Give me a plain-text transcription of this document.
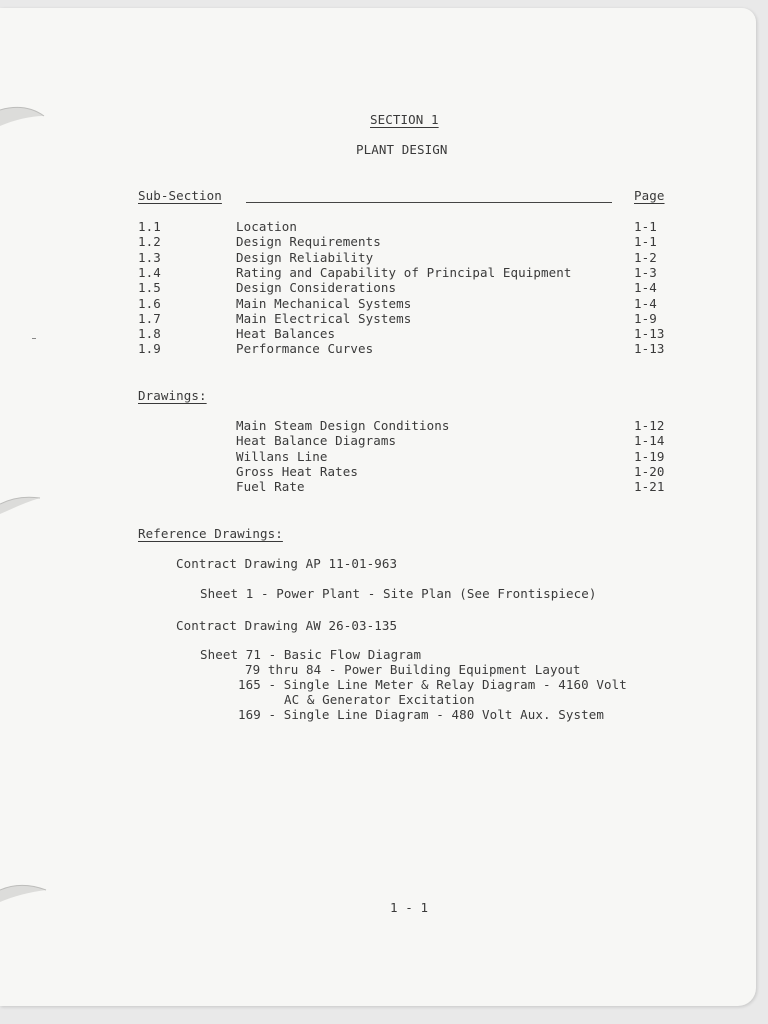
SECTION 1
PLANT DESIGN
Sub-Section	Page
1.1	Location	1-1
1.2	Design Requirements	1-1
1.3	Design Reliability	1-2
1.4	Rating and Capability of Principal Equipment	1-3
1.5	Design Considerations	1-4
1.6	Main Mechanical Systems	1-4
1.7	Main Electrical Systems	1-9
1.8	Heat Balances	1-13
1.9	Performance Curves	1-13
Drawings:
Main Steam Design Conditions	1-12
Heat Balance Diagrams	1-14
Willans Line	1-19
Gross Heat Rates	1-20
Fuel Rate	1-21
Reference Drawings:
Contract Drawing AP 11-01-963
Sheet 1 - Power Plant - Site Plan (See Frontispiece)
Contract Drawing AW 26-03-135
Sheet 71 - Basic Flow Diagram
79 thru 84 - Power Building Equipment Layout
165 - Single Line Meter & Relay Diagram - 4160 Volt
AC & Generator Excitation
169 - Single Line Diagram - 480 Volt Aux. System
1 - 1
